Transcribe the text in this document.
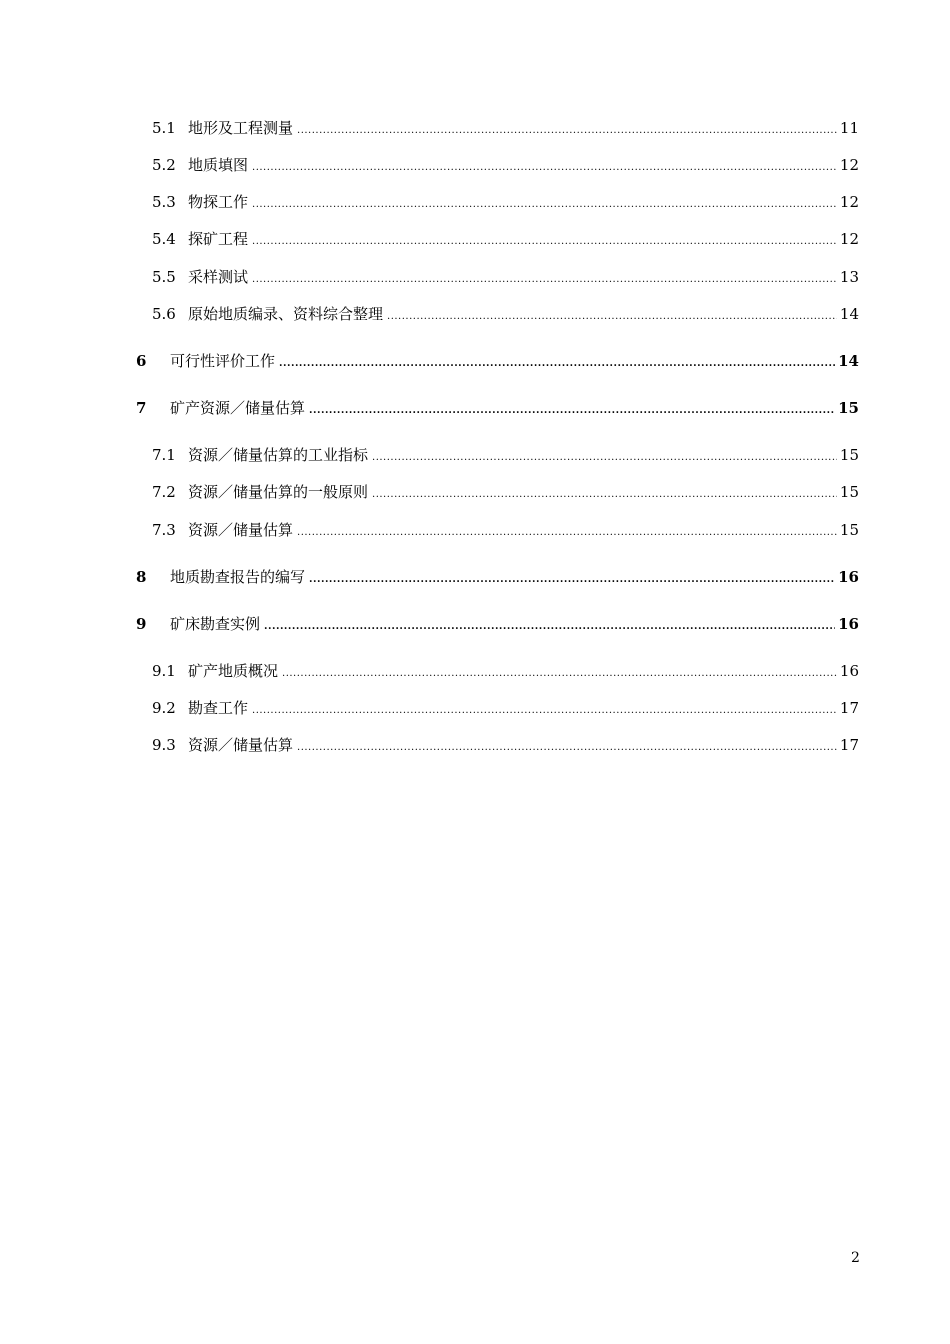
5.1 地形及工程测量 .....	11
5.2 地质填图 .....	12
5.3 物探工作 .....	12
5.4 探矿工程 .....	12
5.5 采样测试 .....	13
5.6 原始地质编录、资料综合整理 .....	14
6	可行性评价工作 .....	14
7	矿产资源／储量估算 .....	15
7.1 资源／储量估算的工业指标 .....	15
7.2 资源／储量估算的一般原则 .....	15
7.3 资源／储量估算 .....	15
8	地质勘查报告的编写 .....	16
9	矿床勘查实例 .....	16
9.1 矿产地质概况 .....	16
9.2 勘查工作 .....	17
9.3 资源／储量估算 .....	17
2
